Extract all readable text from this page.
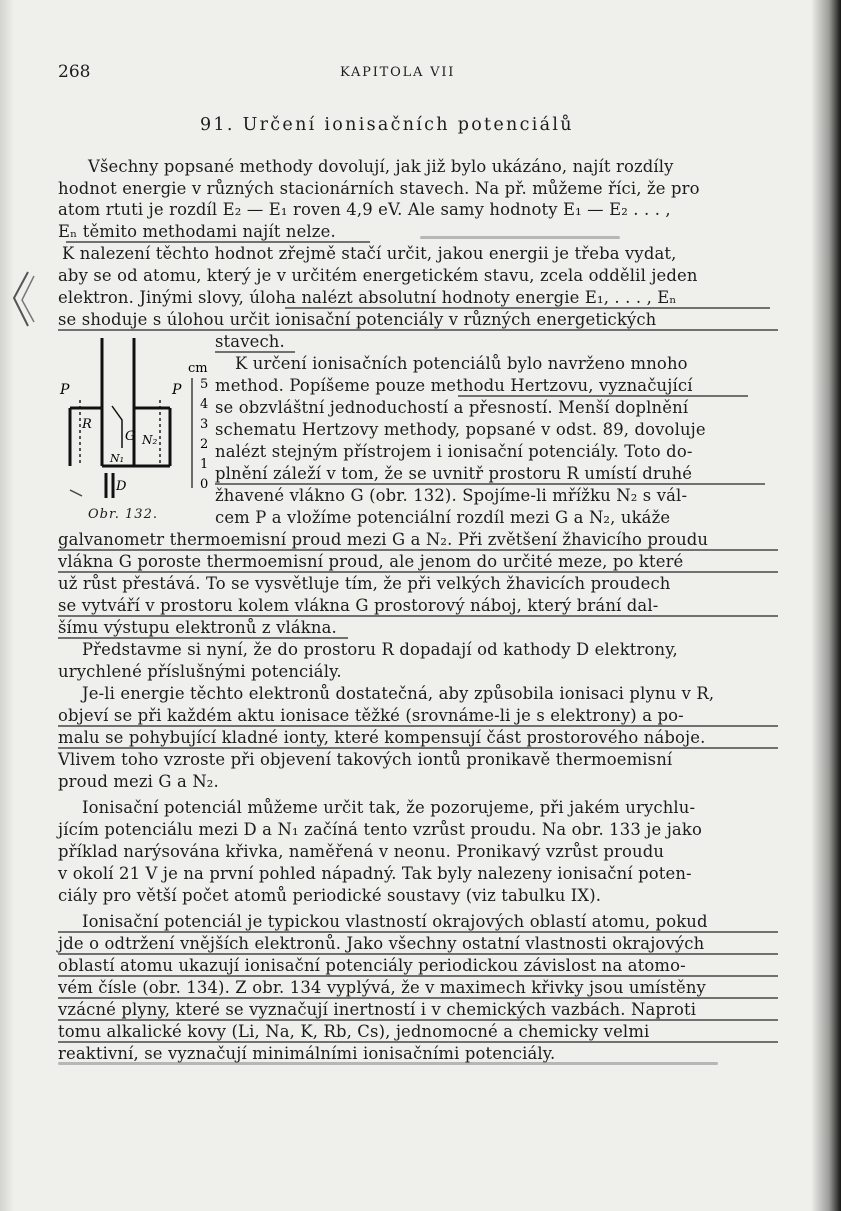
268	KAPITOLA VII
91. Určení ionisačních potenciálů
Všechny popsané methody dovolují, jak již bylo ukázáno, najít rozdíly
hodnot energie v různých stacionárních stavech. Na př. můžeme říci, že pro
atom rtuti je rozdíl E₂ — E₁ roven 4,9 eV. Ale samy hodnoty E₁ — E₂ . . . ,
Eₙ těmito methodami najít nelze.
K nalezení těchto hodnot zřejmě stačí určit, jakou energii je třeba vydat,
aby se od atomu, který je v určitém energetickém stavu, zcela oddělil jeden
elektron. Jinými slovy, úloha nalézt absolutní hodnoty energie E₁, . . . , Eₙ
se shoduje s úlohou určit ionisační potenciály v různých energetických
stavech.
K určení ionisačních potenciálů bylo navrženo mnoho
method. Popíšeme pouze methodu Hertzovu, vyznačující
se obzvláštní jednoduchostí a přesností. Menší doplnění
schematu Hertzovy methody, popsané v odst. 89, dovoluje
nalézt stejným přístrojem i ionisační potenciály. Toto do-
plnění záleží v tom, že se uvnitř prostoru R umístí druhé
žhavené vlákno G (obr. 132). Spojíme-li mřížku N₂ s vál-
cem P a vložíme potenciální rozdíl mezi G a N₂, ukáže
galvanometr thermoemisní proud mezi G a N₂. Při zvětšení žhavicího proudu
vlákna G poroste thermoemisní proud, ale jenom do určité meze, po které
už růst přestává. To se vysvětluje tím, že při velkých žhavicích proudech
se vytváří v prostoru kolem vlákna G prostorový náboj, který brání dal-
šímu výstupu elektronů z vlákna.
Představme si nyní, že do prostoru R dopadají od kathody D elektrony,
urychlené příslušnými potenciály.
Je-li energie těchto elektronů dostatečná, aby způsobila ionisaci plynu v R,
objeví se při každém aktu ionisace těžké (srovnáme-li je s elektrony) a po-
malu se pohybující kladné ionty, které kompensují část prostorového náboje.
Vlivem toho vzroste při objevení takových iontů pronikavě thermoemisní
proud mezi G a N₂.
Ionisační potenciál můžeme určit tak, že pozorujeme, při jakém urychlu-
jícím potenciálu mezi D a N₁ začíná tento vzrůst proudu. Na obr. 133 je jako
příklad narýsována křivka, naměřená v neonu. Pronikavý vzrůst proudu
v okolí 21 V je na první pohled nápadný. Tak byly nalezeny ionisační poten-
ciály pro větší počet atomů periodické soustavy (viz tabulku IX).
Ionisační potenciál je typickou vlastností okrajových oblastí atomu, pokud
jde o odtržení vnějších elektronů. Jako všechny ostatní vlastnosti okrajových
oblastí atomu ukazují ionisační potenciály periodickou závislost na atomo-
vém čísle (obr. 134). Z obr. 134 vyplývá, že v maximech křivky jsou umístěny
vzácné plyny, které se vyznačují inertností i v chemických vazbách. Naproti
tomu alkalické kovy (Li, Na, K, Rb, Cs), jednomocné a chemicky velmi
reaktivní, se vyznačují minimálními ionisačními potenciály.
P	P
R
G N₂
N₁
D
cm
5
4
3
2
1
0
Obr. 132.
